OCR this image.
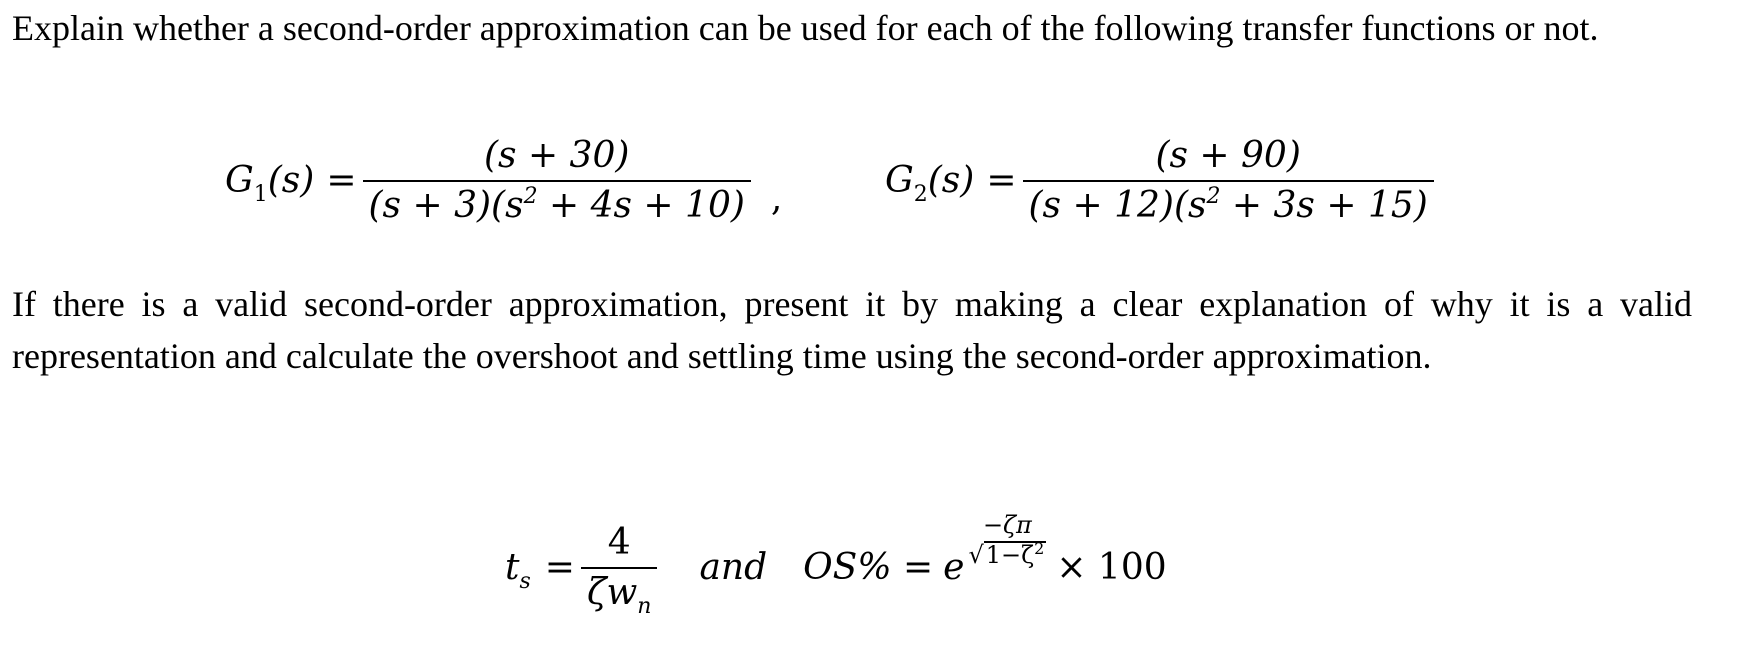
Explain whether a second-order approximation can be used for each of the following transfer functions or not.
$G_1(s) = \frac{(s + 30)}{(s + 3)(s^2 + 4s + 10)}$ ,	$G_2(s) = \frac{(s + 90)}{(s + 12)(s^2 + 3s + 15)}$
If there is a valid second-order approximation, present it by making a clear explanation of why it is a valid representation and calculate the overshoot and settling time using the second-order approximation.
$t_s = \frac{4}{\zeta w_n}$ and OS% = e
−ζπ
√ $1-\zeta^2 \times 100$
